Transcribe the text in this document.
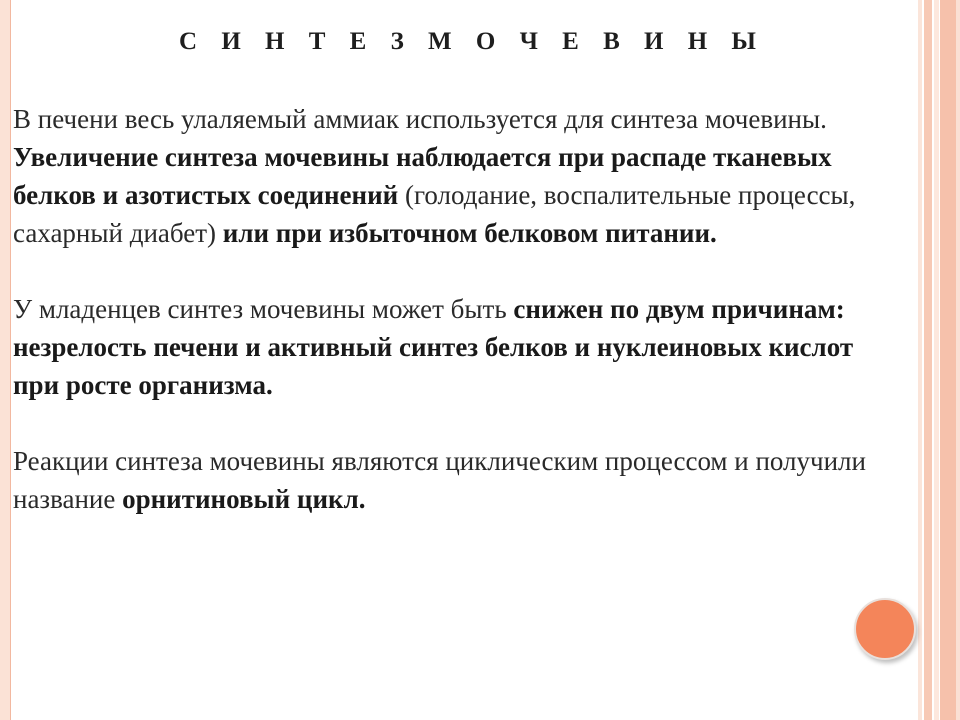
С И Н Т Е З М О Ч Е В И Н Ы

В печени весь улаляемый аммиак используется для синтеза мочевины. Увеличение синтеза мочевины наблюдается при распаде тканевых белков и азотистых соединений (голодание, воспалительные процессы, сахарный диабет) или при избыточном белковом питании.

У младенцев синтез мочевины может быть снижен по двум причинам: незрелость печени и активный синтез белков и нуклеиновых кислот при росте организма.

Реакции синтеза мочевины являются циклическим процессом и получили название орнитиновый цикл.
